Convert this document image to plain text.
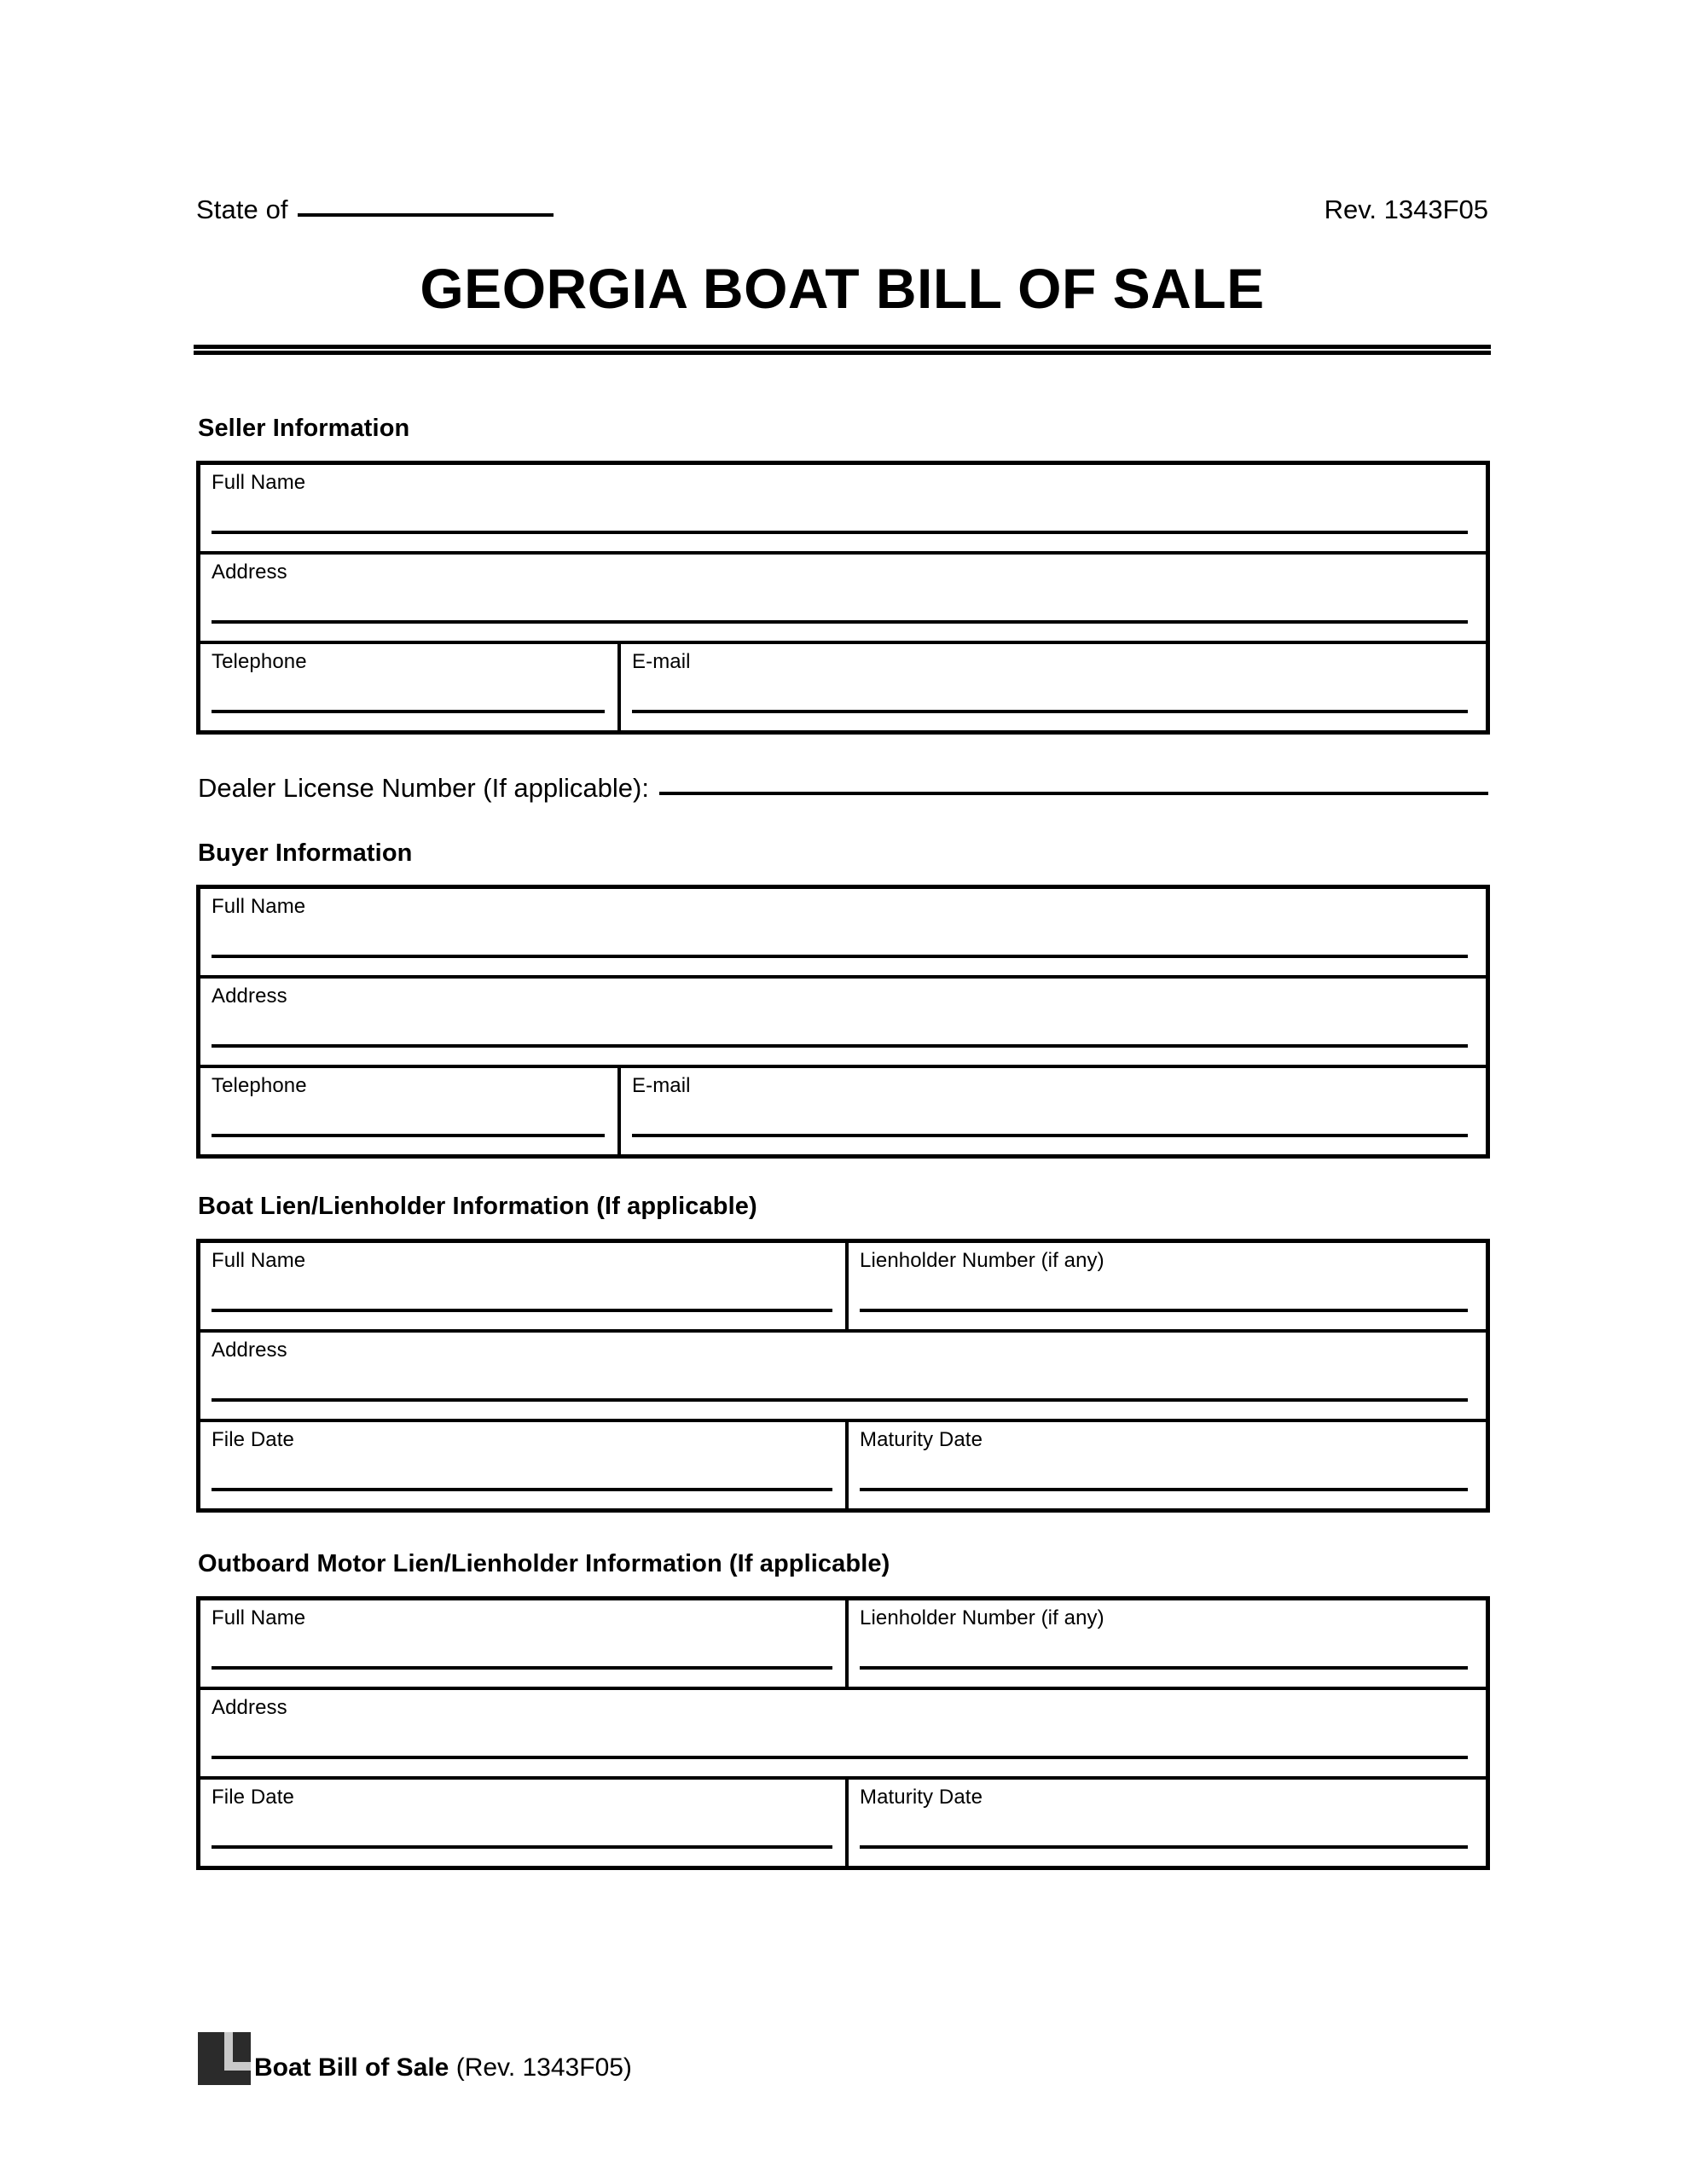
State of	Rev. 1343F05
GEORGIA BOAT BILL OF SALE
Seller Information
Full Name
Address
Telephone	E-mail
Dealer License Number (If applicable):
Buyer Information
Full Name
Address
Telephone	E-mail
Boat Lien/Lienholder Information (If applicable)
Full Name	Lienholder Number (if any)
Address
File Date	Maturity Date
Outboard Motor Lien/Lienholder Information (If applicable)
Full Name	Lienholder Number (if any)
Address
File Date	Maturity Date
Boat Bill of Sale (Rev. 1343F05)
